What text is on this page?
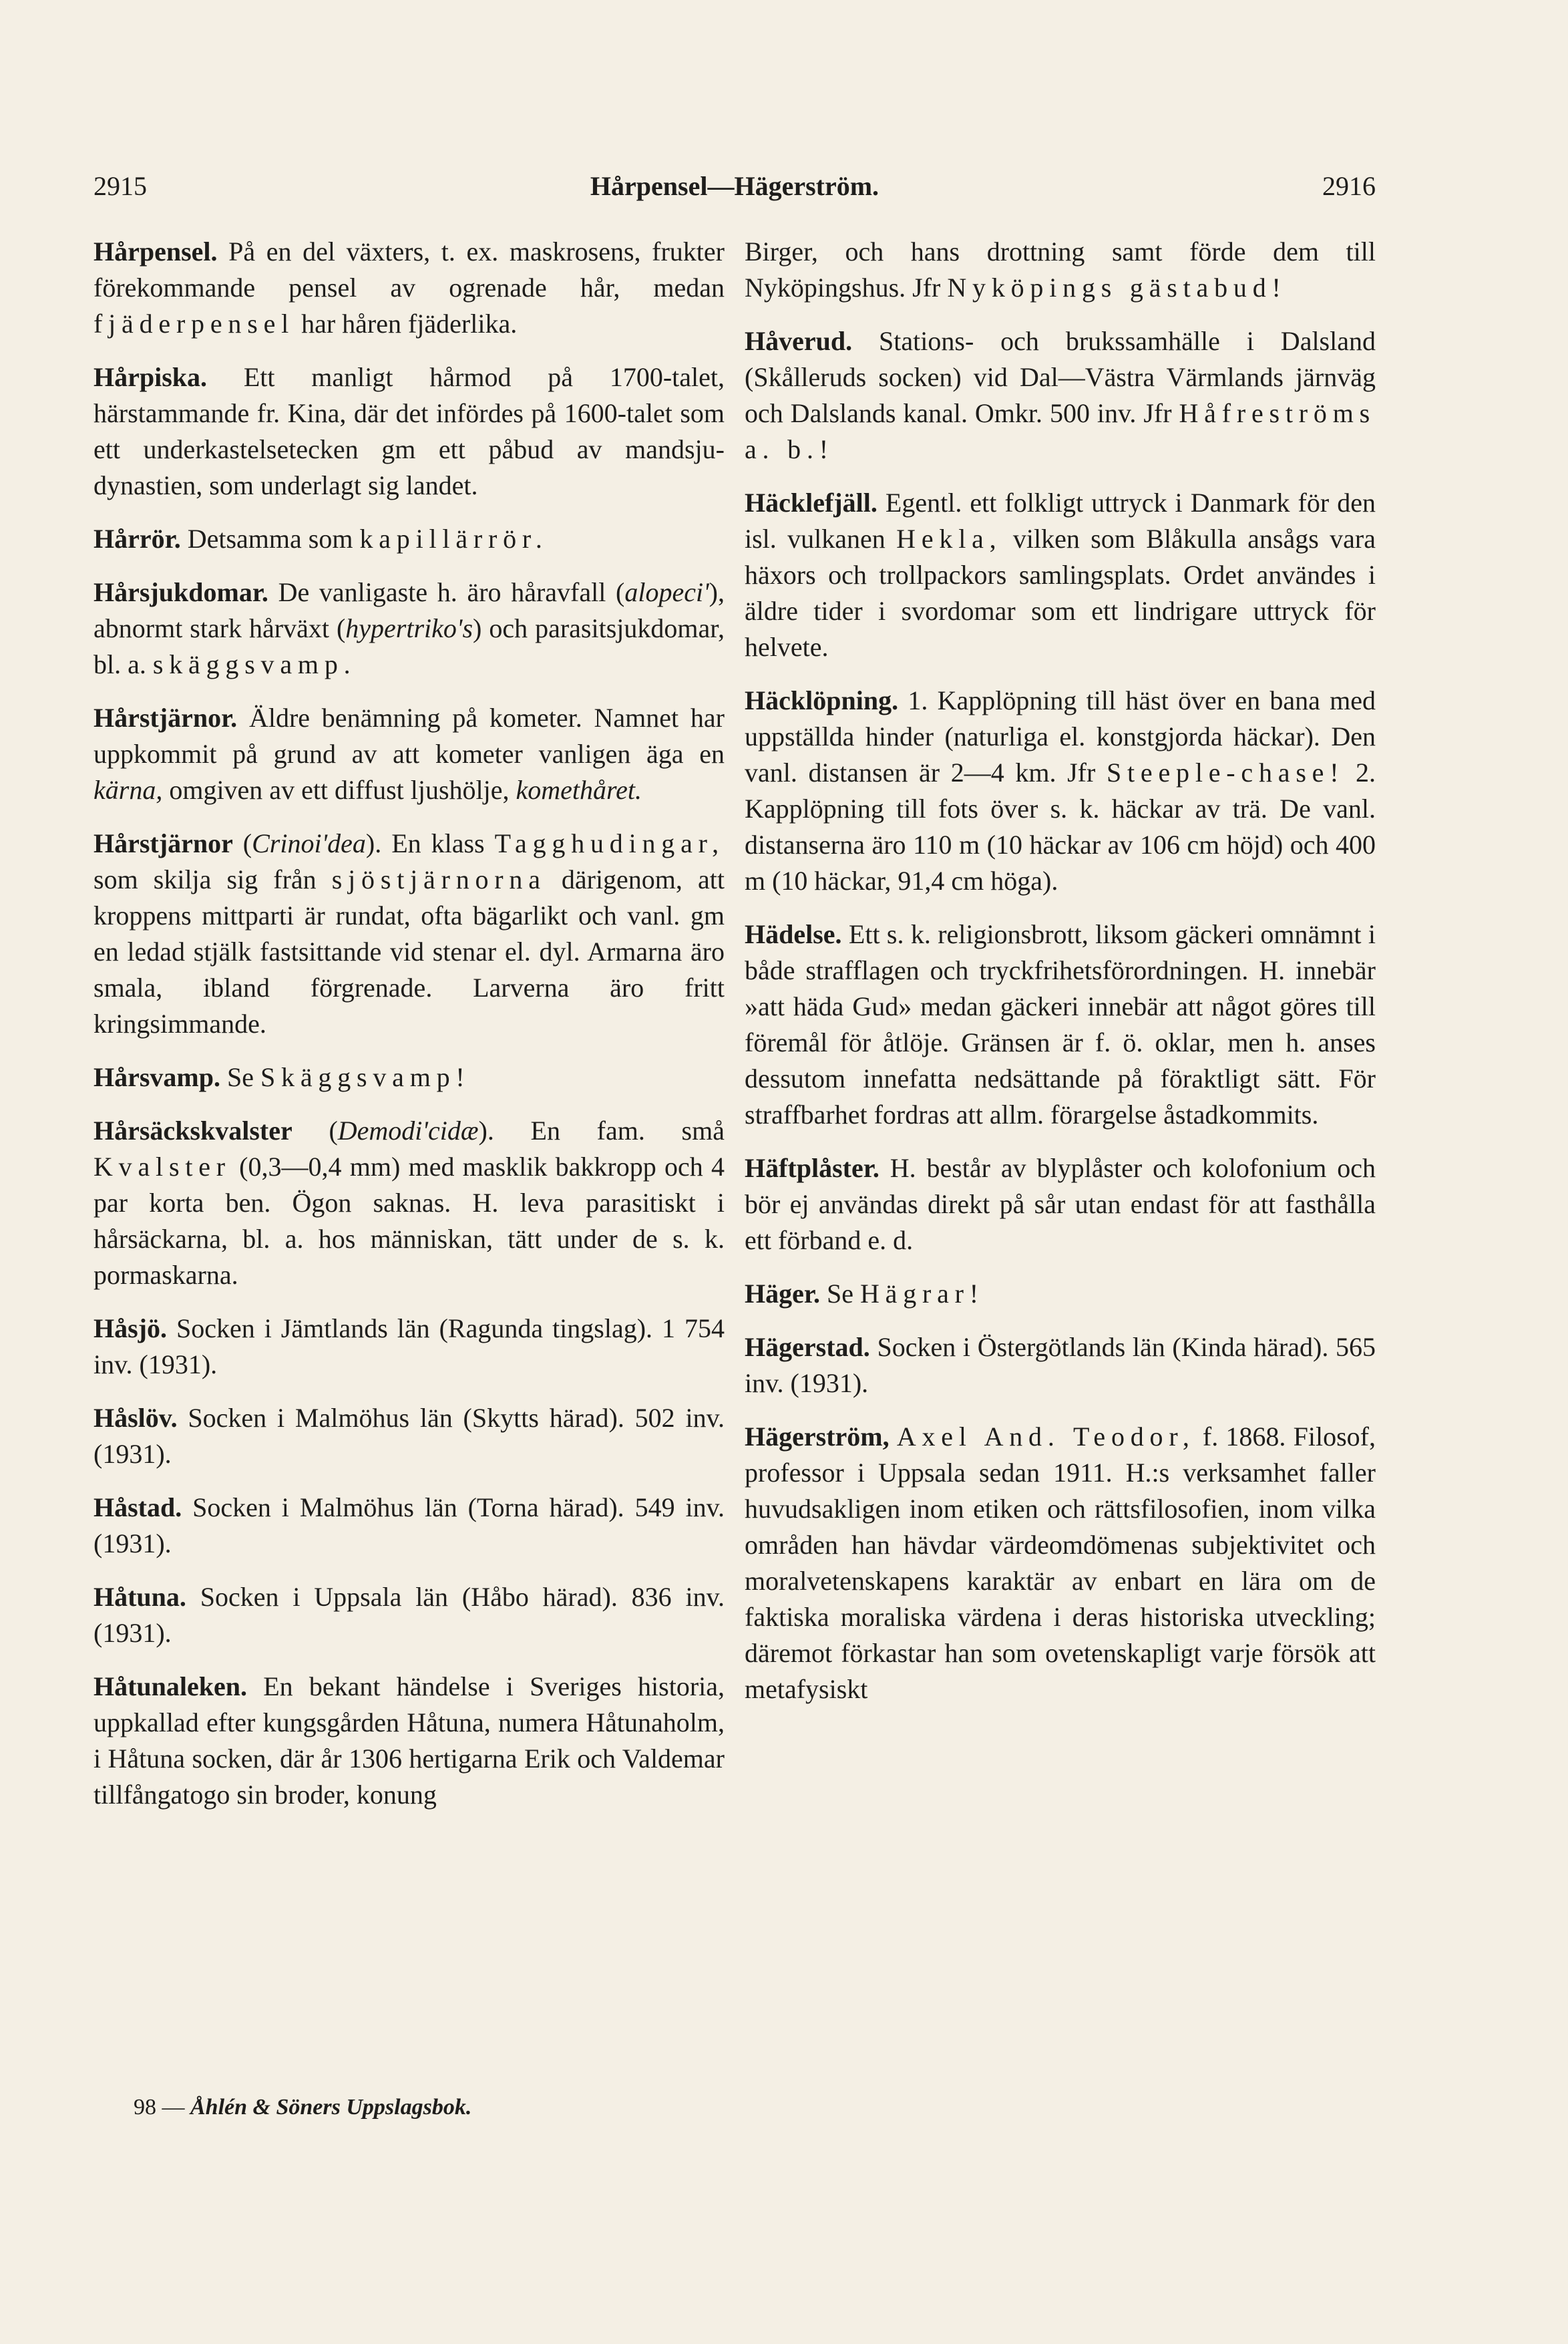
2915	Hårpensel—Hägerström.	2916

Hårpensel. På en del växters, t. ex. maskrosens, frukter förekommande pensel av ogrenade hår, medan fjäderpensel har håren fjäderlika.

Hårpiska. Ett manligt hårmod på 1700-talet, härstammande fr. Kina, där det infördes på 1600-talet som ett underkastelsetecken gm ett påbud av mandsju-dynastien, som underlagt sig landet.

Hårrör. Detsamma som kapillärrör.

Hårsjukdomar. De vanligaste h. äro håravfall (alopeci'), abnormt stark hårväxt (hypertriko's) och parasitsjukdomar, bl. a. skäggsvamp.

Hårstjärnor. Äldre benämning på kometer. Namnet har uppkommit på grund av att kometer vanligen äga en kärna, omgiven av ett diffust ljushölje, komethåret.

Hårstjärnor (Crinoi'dea). En klass Tagghudingar, som skilja sig från sjöstjärnorna därigenom, att kroppens mittparti är rundat, ofta bägarlikt och vanl. gm en ledad stjälk fastsittande vid stenar el. dyl. Armarna äro smala, ibland förgrenade. Larverna äro fritt kringsimmande.

Hårsvamp. Se Skäggsvamp!

Hårsäckskvalster (Demodi'cidæ). En fam. små Kvalster (0,3—0,4 mm) med masklik bakkropp och 4 par korta ben. Ögon saknas. H. leva parasitiskt i hårsäckarna, bl. a. hos människan, tätt under de s. k. pormaskarna.

Håsjö. Socken i Jämtlands län (Ragunda tingslag). 1 754 inv. (1931).

Håslöv. Socken i Malmöhus län (Skytts härad). 502 inv. (1931).

Håstad. Socken i Malmöhus län (Torna härad). 549 inv. (1931).

Håtuna. Socken i Uppsala län (Håbo härad). 836 inv. (1931).

Håtunaleken. En bekant händelse i Sveriges historia, uppkallad efter kungsgården Håtuna, numera Håtunaholm, i Håtuna socken, där år 1306 hertigarna Erik och Valdemar tillfångatogo sin broder, konung

Birger, och hans drottning samt förde dem till Nyköpingshus. Jfr Nyköpings gästabud!

Håverud. Stations- och brukssamhälle i Dalsland (Skålleruds socken) vid Dal—Västra Värmlands järnväg och Dalslands kanal. Omkr. 500 inv. Jfr Håfreströms a. b.!

Häcklefjäll. Egentl. ett folkligt uttryck i Danmark för den isl. vulkanen Hekla, vilken som Blåkulla ansågs vara häxors och trollpackors samlingsplats. Ordet användes i äldre tider i svordomar som ett lindrigare uttryck för helvete.

Häcklöpning. 1. Kapplöpning till häst över en bana med uppställda hinder (naturliga el. konstgjorda häckar). Den vanl. distansen är 2—4 km. Jfr Steeple-chase! 2. Kapplöpning till fots över s. k. häckar av trä. De vanl. distanserna äro 110 m (10 häckar av 106 cm höjd) och 400 m (10 häckar, 91,4 cm höga).

Hädelse. Ett s. k. religionsbrott, liksom gäckeri omnämnt i både strafflagen och tryckfrihetsförordningen. H. innebär »att häda Gud» medan gäckeri innebär att något göres till föremål för åtlöje. Gränsen är f. ö. oklar, men h. anses dessutom innefatta nedsättande på föraktligt sätt. För straffbarhet fordras att allm. förargelse åstadkommits.

Häftplåster. H. består av blyplåster och kolofonium och bör ej användas direkt på sår utan endast för att fasthålla ett förband e. d.

Häger. Se Hägrar!

Hägerstad. Socken i Östergötlands län (Kinda härad). 565 inv. (1931).

Hägerström, Axel And. Teodor, f. 1868. Filosof, professor i Uppsala sedan 1911. H.:s verksamhet faller huvudsakligen inom etiken och rättsfilosofien, inom vilka områden han hävdar värdeomdömenas subjektivitet och moralvetenskapens karaktär av enbart en lära om de faktiska moraliska värdena i deras historiska utveckling; däremot förkastar han som ovetenskapligt varje försök att metafysiskt

98 — Åhlén & Söners Uppslagsbok.
